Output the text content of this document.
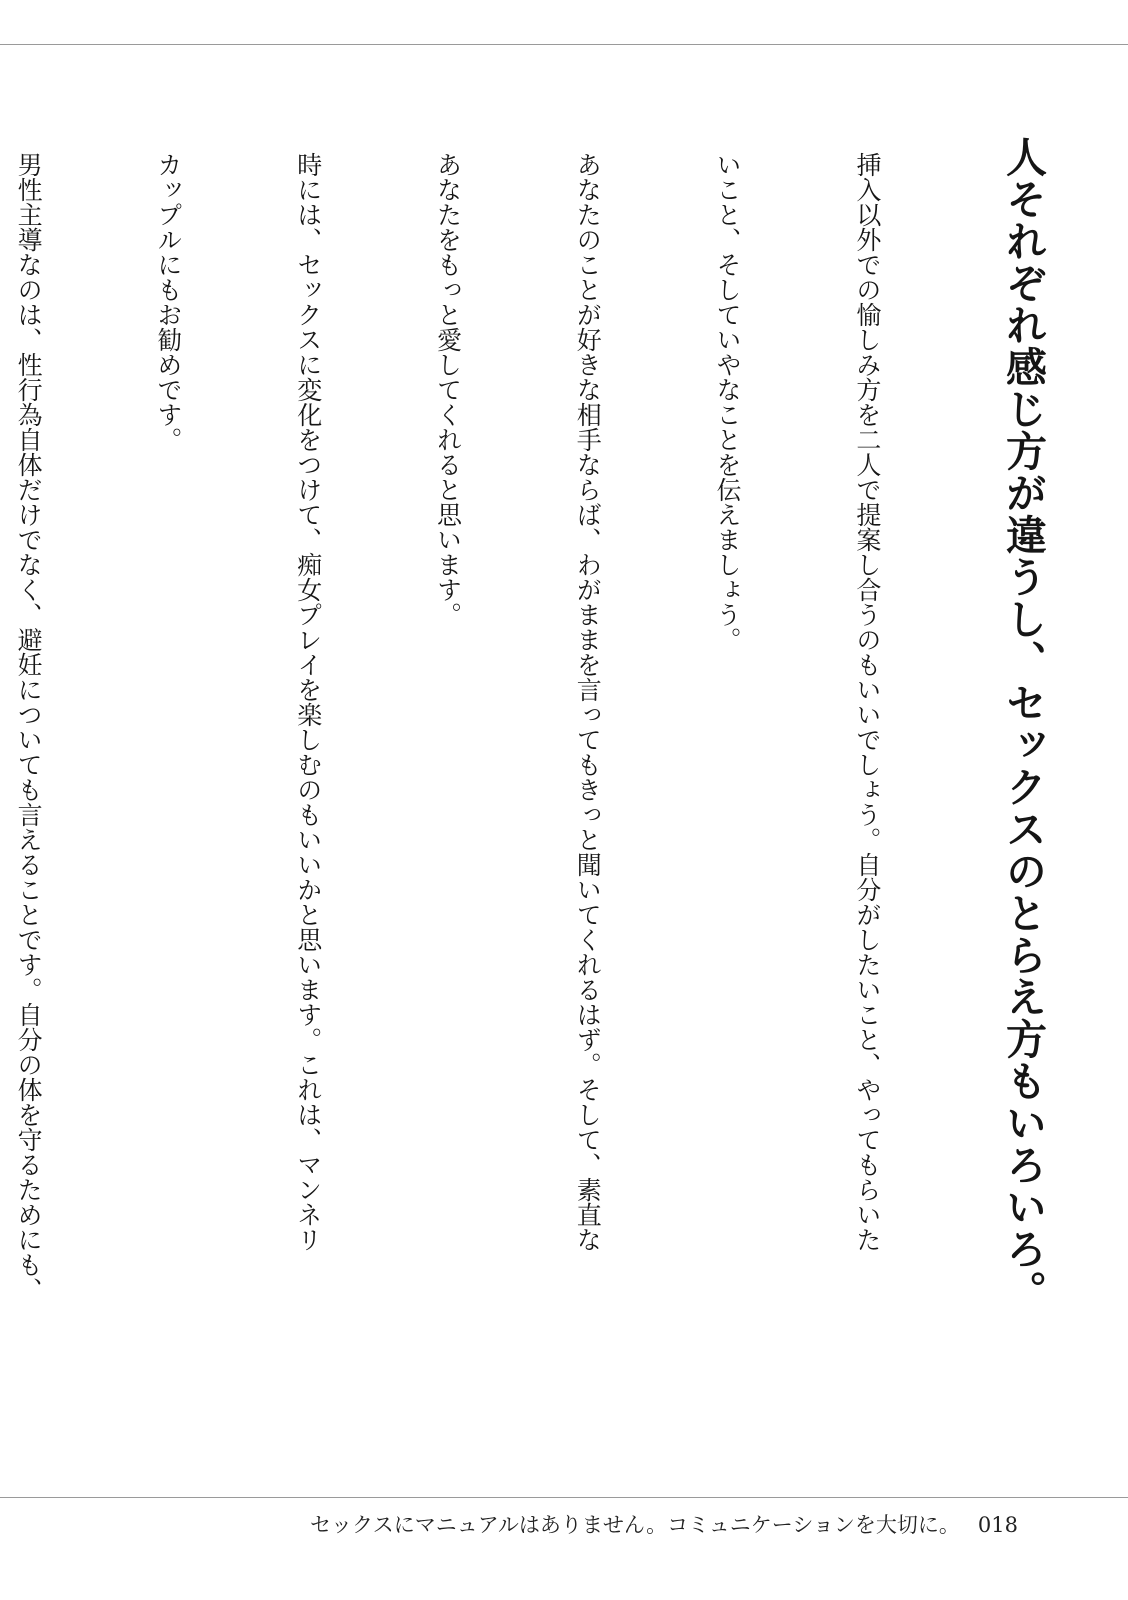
人それぞれ感じ方が違うし、セックスのとらえ方もいろいろ。

挿入以外での愉しみ方を二人で提案し合うのもいいでしょう。自分がしたいこと、やってもらいた

いこと、そしていやなことを伝えましょう。

あなたのことが好きな相手ならば、わがままを言ってもきっと聞いてくれるはず。そして、素直な

あなたをもっと愛してくれると思います。

時には、セックスに変化をつけて、痴女プレイを楽しむのもいいかと思います。これは、マンネリ

カップルにもお勧めです。

男性主導なのは、性行為自体だけでなく、避妊についても言えることです。自分の体を守るためにも、

セックスにマニュアルはありません。コミュニケーションを大切に。 018
